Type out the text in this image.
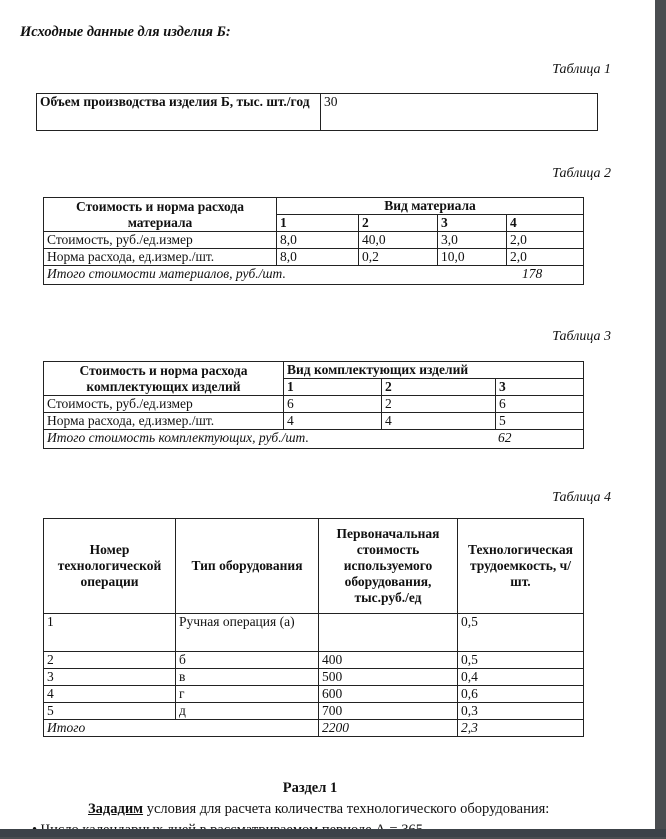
Исходные данные для изделия Б:
Таблица 1
Объем производства изделия Б, тыс. шт./год	30
Таблица 2
Стоимость и норма расхода материала	Вид материала			
	1	2	3	4
Стоимость, руб./ед.измер	8,0	40,0	3,0	2,0
Норма расхода, ед.измер./шт.	8,0	0,2	10,0	2,0
Итого стоимости материалов, руб./шт. 178				
Таблица 3
Стоимость и норма расхода комплектующих изделий	Вид комплектующих изделий		
	1	2	3
Стоимость, руб./ед.измер	6	2	6
Норма расхода, ед.измер./шт.	4	4	5
Итого стоимость комплектующих, руб./шт. 62			
Таблица 4
Номер технологической операции	Тип оборудования	Первоначальная стоимость используемого оборудования, тыс.руб./ед	Технологическая трудоемкость, ч/шт.
1	Ручная операция (а)		0,5
2	б	400	0,5
3	в	500	0,4
4	г	600	0,6
5	д	700	0,3
Итого		2200	2,3
Раздел 1
Зададим условия для расчета количества технологического оборудования:
